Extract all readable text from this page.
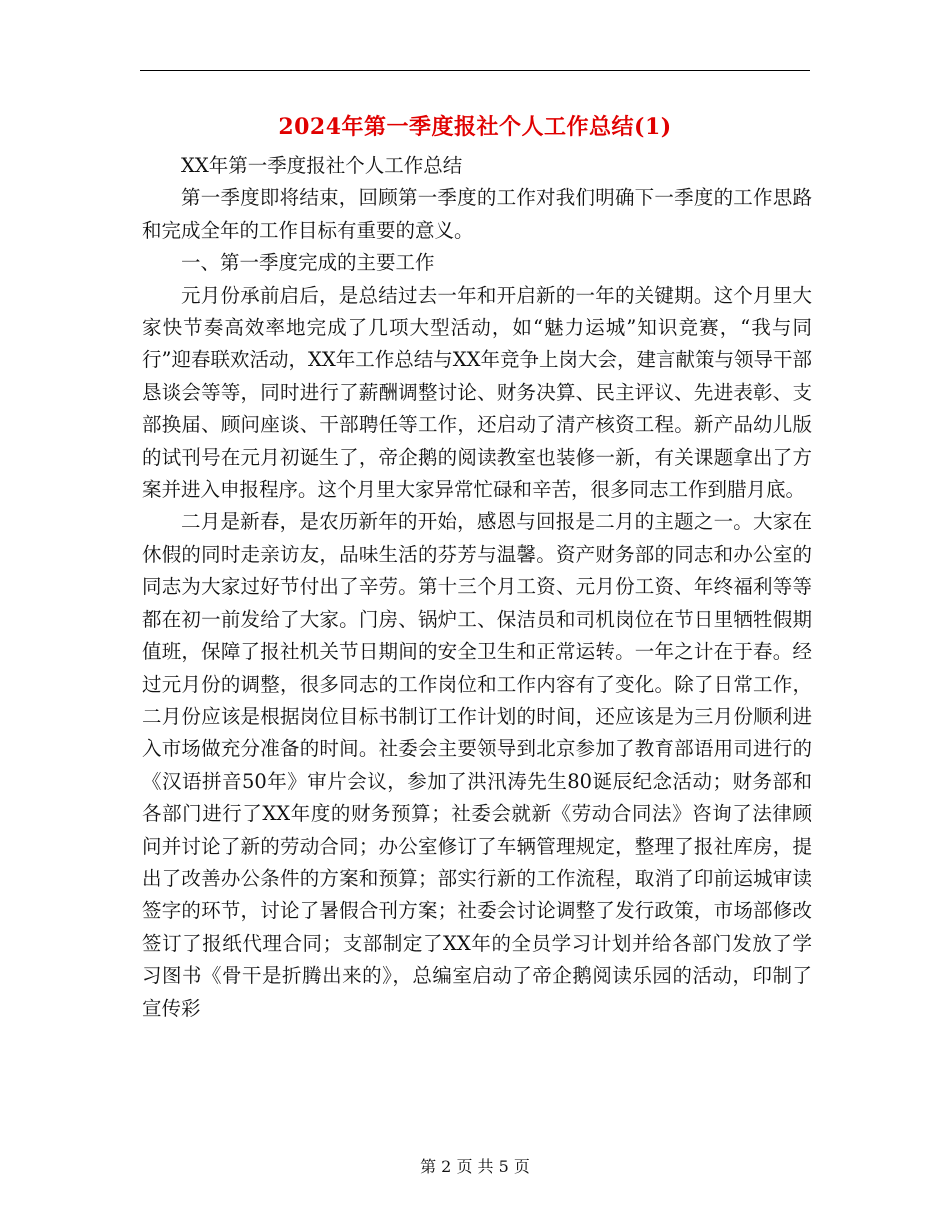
2024年第一季度报社个人工作总结(1)

XX年第一季度报社个人工作总结

第一季度即将结束，回顾第一季度的工作对我们明确下一季度的工作思路和完成全年的工作目标有重要的意义。

一、第一季度完成的主要工作

元月份承前启后，是总结过去一年和开启新的一年的关键期。这个月里大家快节奏高效率地完成了几项大型活动，如“魅力运城”知识竞赛，“我与同行”迎春联欢活动，XX年工作总结与XX年竞争上岗大会，建言献策与领导干部恳谈会等等，同时进行了薪酬调整讨论、财务决算、民主评议、先进表彰、支部换届、顾问座谈、干部聘任等工作，还启动了清产核资工程。新产品幼儿版的试刊号在元月初诞生了，帝企鹅的阅读教室也装修一新，有关课题拿出了方案并进入申报程序。这个月里大家异常忙碌和辛苦，很多同志工作到腊月底。

二月是新春，是农历新年的开始，感恩与回报是二月的主题之一。大家在休假的同时走亲访友，品味生活的芬芳与温馨。资产财务部的同志和办公室的同志为大家过好节付出了辛劳。第十三个月工资、元月份工资、年终福利等等都在初一前发给了大家。门房、锅炉工、保洁员和司机岗位在节日里牺牲假期值班，保障了报社机关节日期间的安全卫生和正常运转。一年之计在于春。经过元月份的调整，很多同志的工作岗位和工作内容有了变化。除了日常工作，二月份应该是根据岗位目标书制订工作计划的时间，还应该是为三月份顺利进入市场做充分准备的时间。社委会主要领导到北京参加了教育部语用司进行的《汉语拼音50年》审片会议，参加了洪汛涛先生80诞辰纪念活动；财务部和各部门进行了XX年度的财务预算；社委会就新《劳动合同法》咨询了法律顾问并讨论了新的劳动合同；办公室修订了车辆管理规定，整理了报社库房，提出了改善办公条件的方案和预算；部实行新的工作流程，取消了印前运城审读签字的环节，讨论了暑假合刊方案；社委会讨论调整了发行政策，市场部修改签订了报纸代理合同；支部制定了XX年的全员学习计划并给各部门发放了学习图书《骨干是折腾出来的》，总编室启动了帝企鹅阅读乐园的活动，印制了宣传彩

第 2 页 共 5 页
